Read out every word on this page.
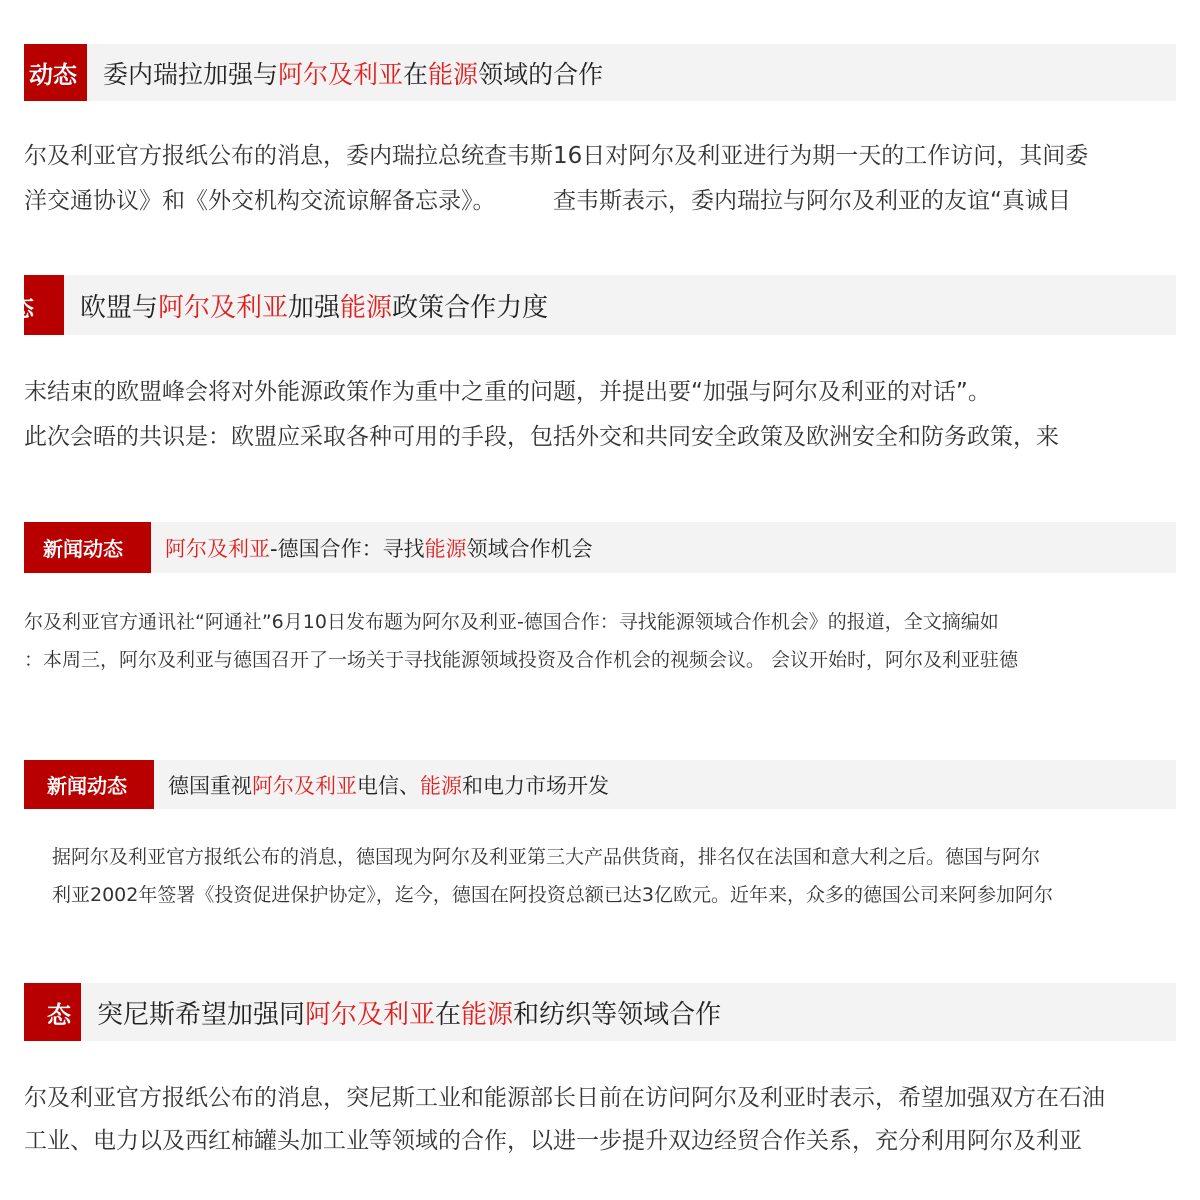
动态	委内瑞拉加强与阿尔及利亚在能源领域的合作

尔及利亚官方报纸公布的消息，委内瑞拉总统查韦斯16日对阿尔及利亚进行为期一天的工作访问，其间委
洋交通协议》和《外交机构交流谅解备忘录》。　　　查韦斯表示，委内瑞拉与阿尔及利亚的友谊“真诚目

态	欧盟与阿尔及利亚加强能源政策合作力度

末结束的欧盟峰会将对外能源政策作为重中之重的问题，并提出要“加强与阿尔及利亚的对话”。
此次会晤的共识是：欧盟应采取各种可用的手段，包括外交和共同安全政策及欧洲安全和防务政策，来

新闻动态	阿尔及利亚-德国合作：寻找能源领域合作机会

尔及利亚官方通讯社“阿通社”6月10日发布题为阿尔及利亚-德国合作：寻找能源领域合作机会》的报道，全文摘编如
：本周三，阿尔及利亚与德国召开了一场关于寻找能源领域投资及合作机会的视频会议。 会议开始时，阿尔及利亚驻德

新闻动态	德国重视阿尔及利亚电信、能源和电力市场开发

据阿尔及利亚官方报纸公布的消息，德国现为阿尔及利亚第三大产品供货商，排名仅在法国和意大利之后。德国与阿尔
利亚2002年签署《投资促进保护协定》，迄今，德国在阿投资总额已达3亿欧元。近年来，众多的德国公司来阿参加阿尔

态	突尼斯希望加强同阿尔及利亚在能源和纺织等领域合作

尔及利亚官方报纸公布的消息，突尼斯工业和能源部长日前在访问阿尔及利亚时表示，希望加强双方在石油
工业、电力以及西红柿罐头加工业等领域的合作，以进一步提升双边经贸合作关系，充分利用阿尔及利亚
